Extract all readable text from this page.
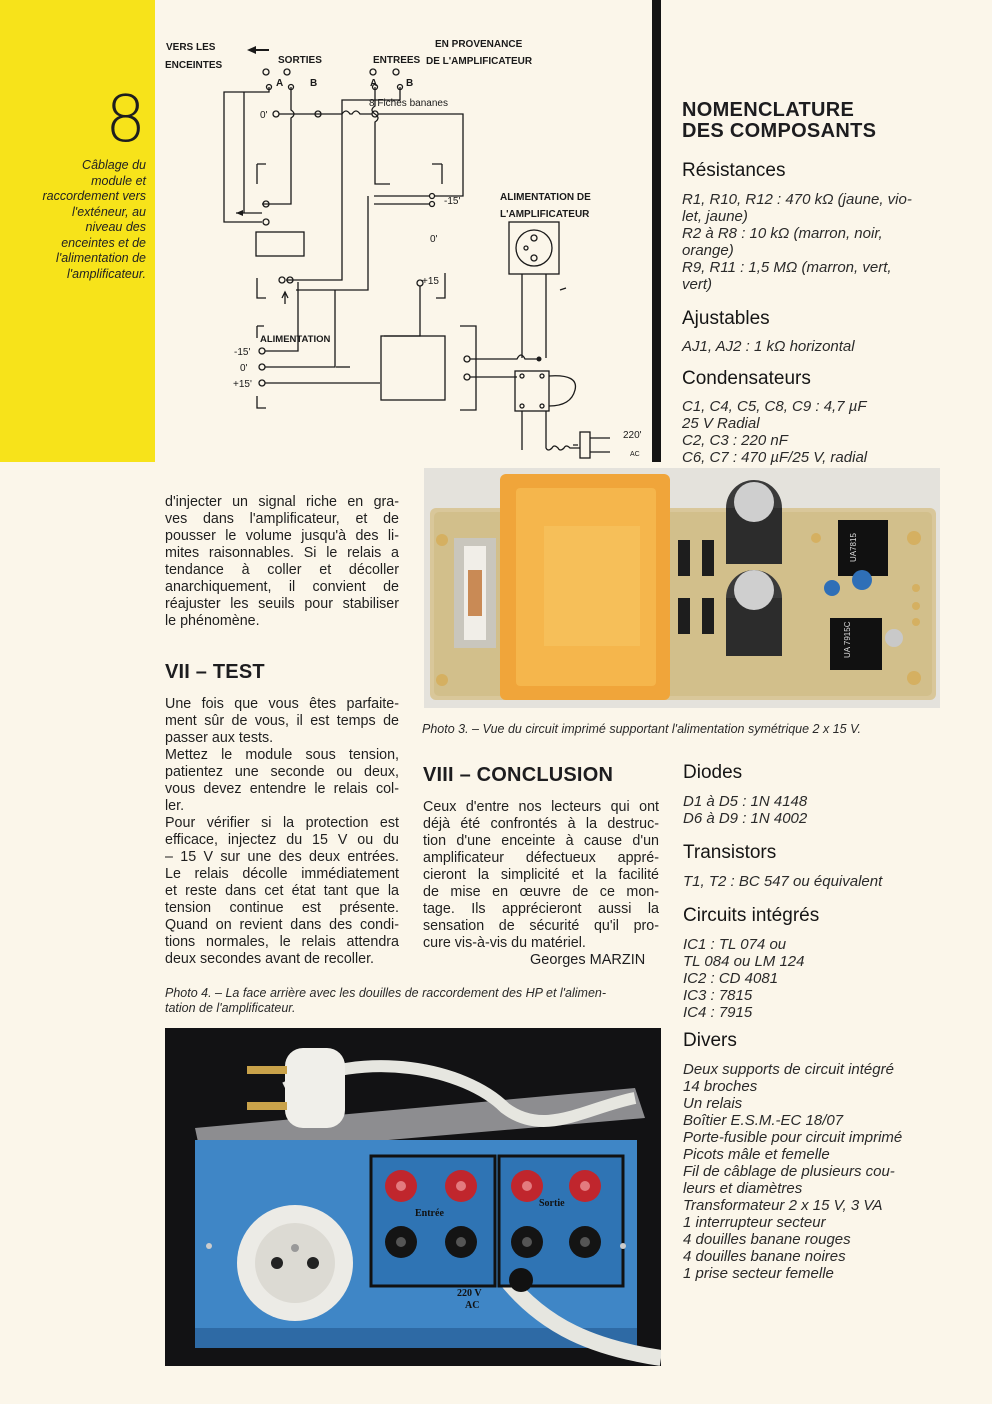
8
Câblage du
module et
raccordement vers
l'exténeur, au
niveau des
enceintes et de
l'alimentation de
l'amplificateur.
VERS LES
ENCEINTES	SORTIES	ENTREES
EN PROVENANCE
DE L'AMPLIFICATEUR
A	B	A	B
8 Fiches bananes
0'
-15'
0'
ALIMENTATION DE
L'AMPLIFICATEUR
+15
ALIMENTATION
-15'
0'
+15'
220'
AC
NOMENCLATURE
DES COMPOSANTS
Résistances
R1, R10, R12 : 470 kΩ (jaune, vio-
let, jaune)
R2 à R8 : 10 kΩ (marron, noir,
orange)
R9, R11 : 1,5 MΩ (marron, vert,
vert)
Ajustables
AJ1, AJ2 : 1 kΩ horizontal
Condensateurs
C1, C4, C5, C8, C9 : 4,7 µF
25 V Radial
C2, C3 : 220 nF
C6, C7 : 470 µF/25 V, radial
Diodes
D1 à D5 : 1N 4148
D6 à D9 : 1N 4002
Transistors
T1, T2 : BC 547 ou équivalent
Circuits intégrés
IC1 : TL 074 ou
TL 084 ou LM 124
IC2 : CD 4081
IC3 : 7815
IC4 : 7915
Divers
Deux supports de circuit intégré
14 broches
Un relais
Boîtier E.S.M.-EC 18/07
Porte-fusible pour circuit imprimé
Picots mâle et femelle
Fil de câblage de plusieurs cou-
leurs et diamètres
Transformateur 2 x 15 V, 3 VA
1 interrupteur secteur
4 douilles banane rouges
4 douilles banane noires
1 prise secteur femelle
UA7815
UA 7915C
Photo 3. – Vue du circuit imprimé supportant l'alimentation symétrique 2 x 15 V.
d'injecter un signal riche en gra-
ves dans l'amplificateur, et de
pousser le volume jusqu'à des li-
mites raisonnables. Si le relais a
tendance à coller et décoller
anarchiquement, il convient de
réajuster les seuils pour stabiliser
le phénomène.
VII – TEST
Une fois que vous êtes parfaite-
ment sûr de vous, il est temps de
passer aux tests.
Mettez le module sous tension,
patientez une seconde ou deux,
vous devez entendre le relais col-
ler.
Pour vérifier si la protection est
efficace, injectez du 15 V ou du
– 15 V sur une des deux entrées.
Le relais décolle immédiatement
et reste dans cet état tant que la
tension continue est présente.
Quand on revient dans des condi-
tions normales, le relais attendra
deux secondes avant de recoller.
VIII – CONCLUSION
Ceux d'entre nos lecteurs qui ont
déjà été confrontés à la destruc-
tion d'une enceinte à cause d'un
amplificateur défectueux appré-
cieront la simplicité et la facilité
de mise en œuvre de ce mon-
tage. Ils apprécieront aussi la
sensation de sécurité qu'il pro-
cure vis-à-vis du matériel.
Georges MARZIN
Photo 4. – La face arrière avec les douilles de raccordement des HP et l'alimen-
tation de l'amplificateur.
Entrée
Sortie
220 V
AC
